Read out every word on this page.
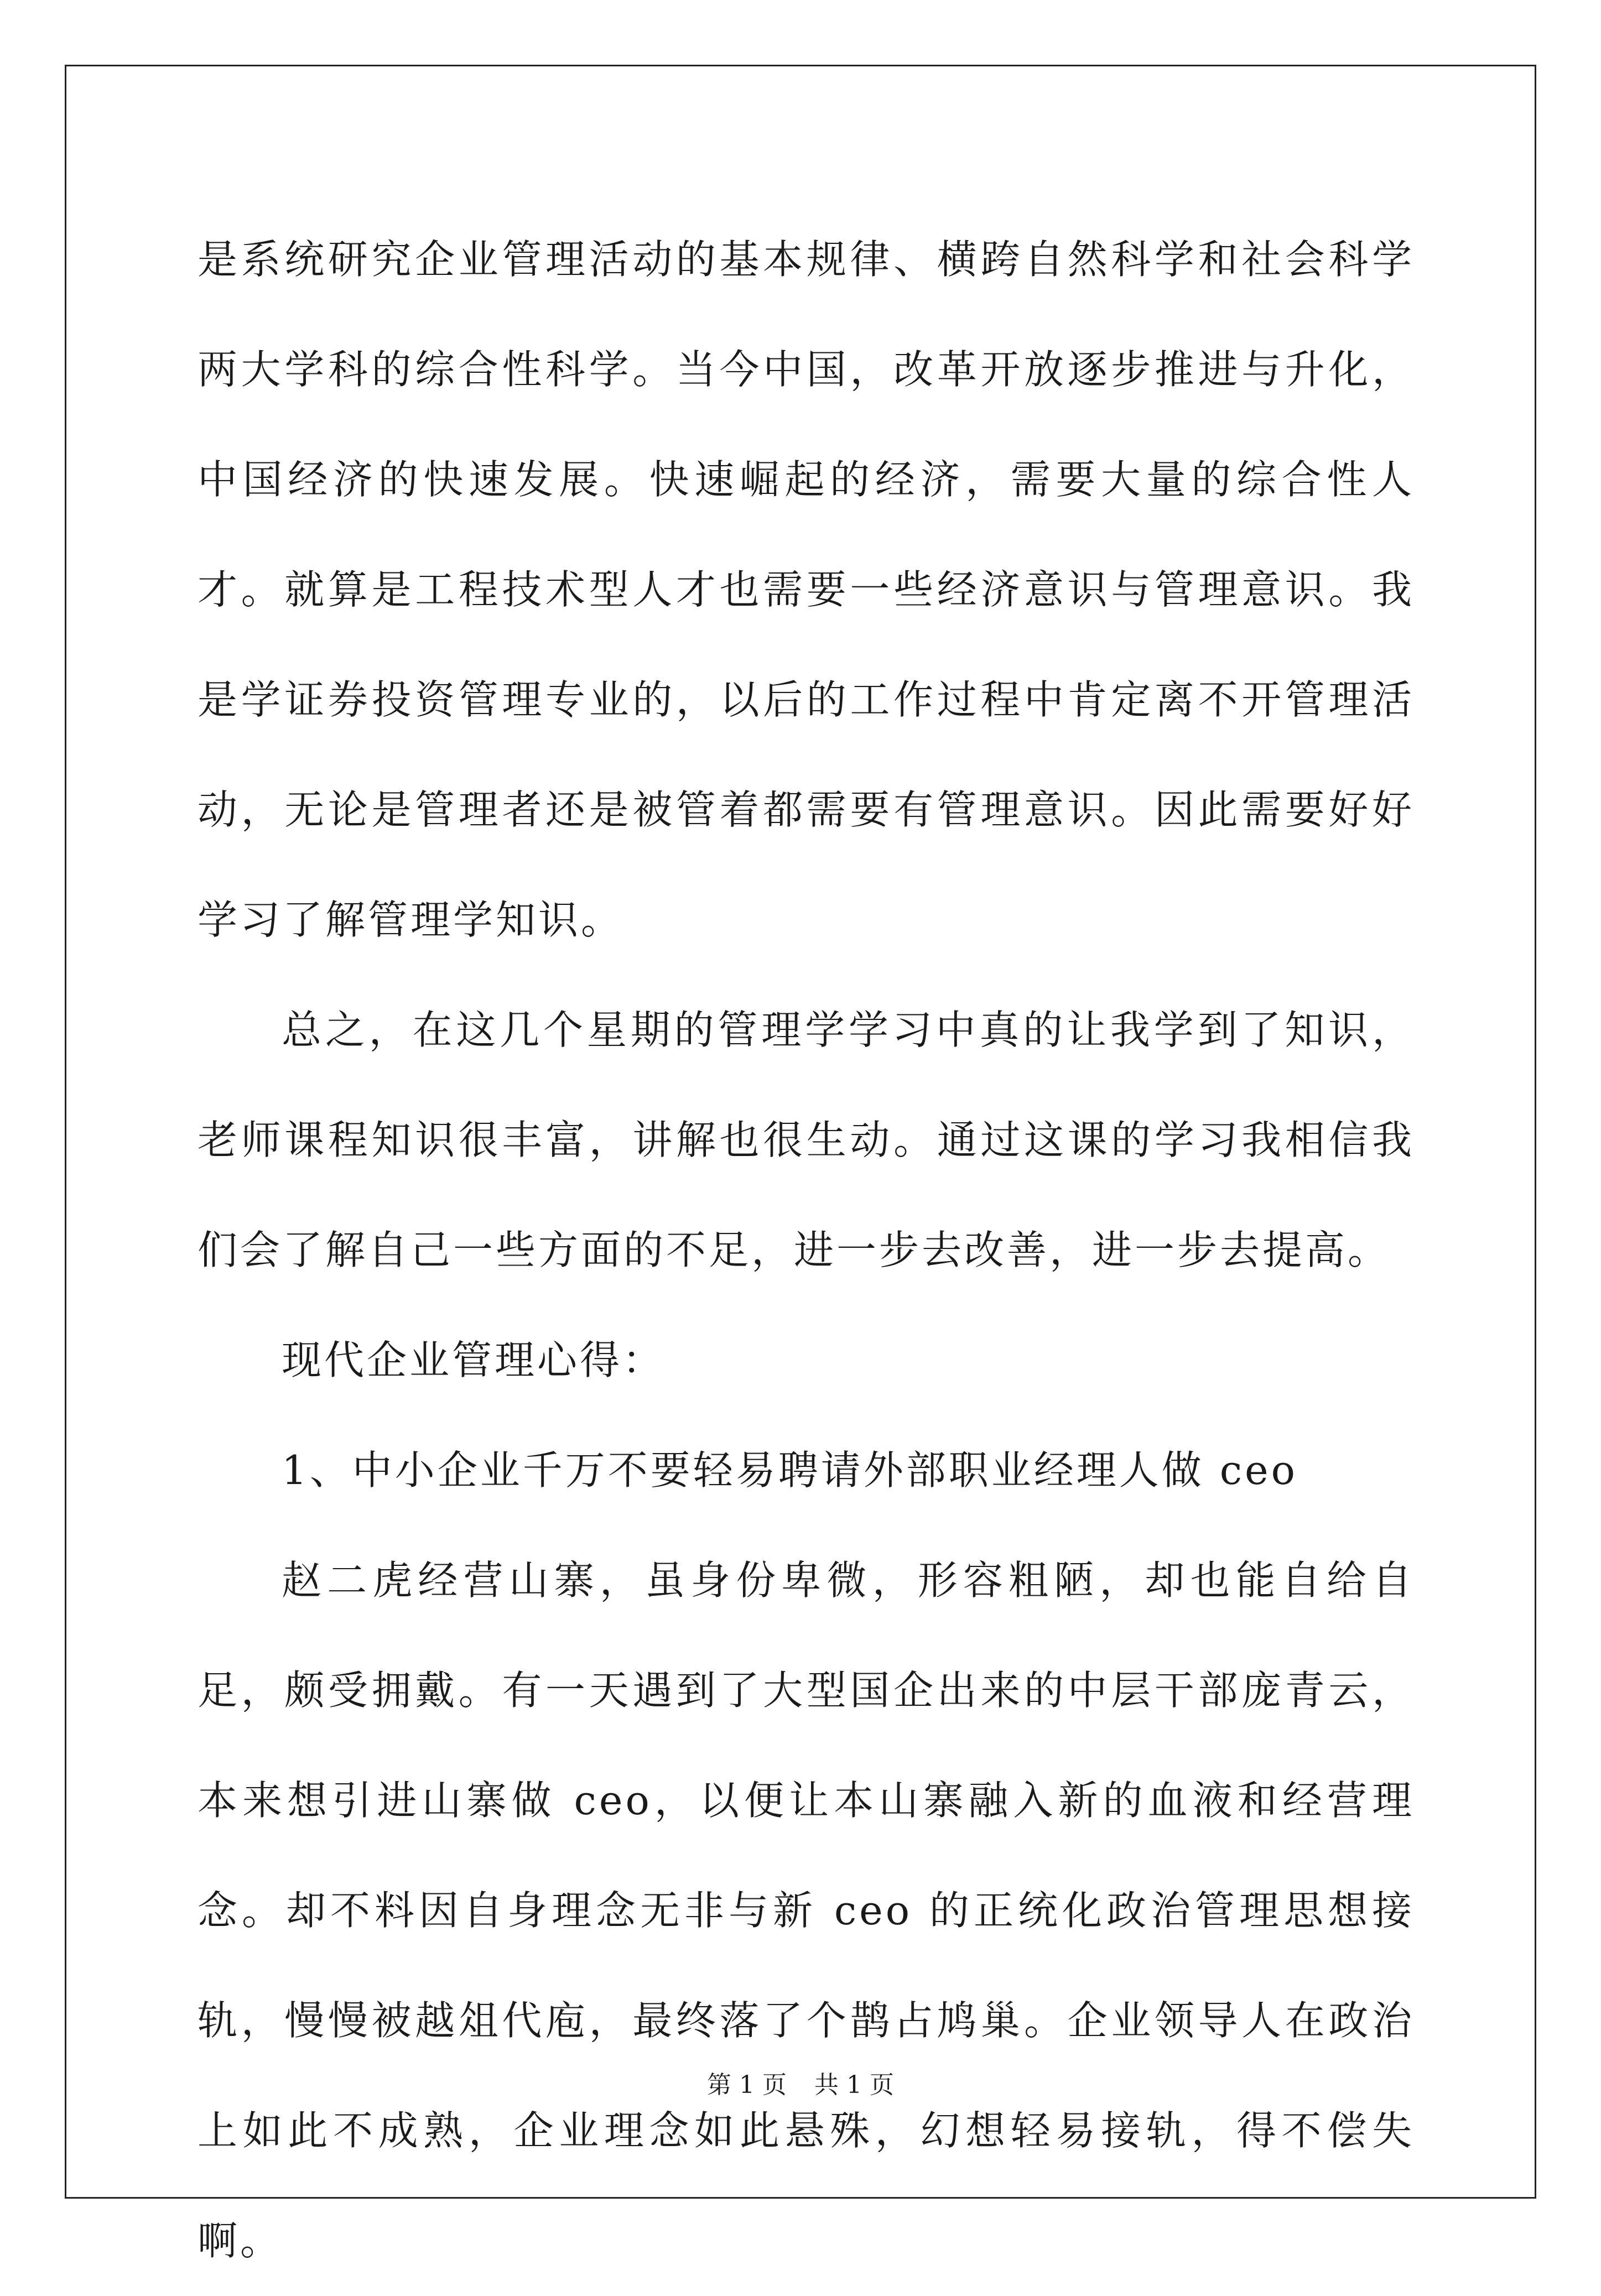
是系统研究企业管理活动的基本规律、横跨自然科学和社会科学两大学科的综合性科学。当今中国，改革开放逐步推进与升化，中国经济的快速发展。快速崛起的经济，需要大量的综合性人才。就算是工程技术型人才也需要一些经济意识与管理意识。我是学证券投资管理专业的，以后的工作过程中肯定离不开管理活动，无论是管理者还是被管着都需要有管理意识。因此需要好好学习了解管理学知识。

总之，在这几个星期的管理学学习中真的让我学到了知识，老师课程知识很丰富，讲解也很生动。通过这课的学习我相信我们会了解自己一些方面的不足，进一步去改善，进一步去提高。

现代企业管理心得：

1、中小企业千万不要轻易聘请外部职业经理人做 ceo

赵二虎经营山寨，虽身份卑微，形容粗陋，却也能自给自足，颇受拥戴。有一天遇到了大型国企出来的中层干部庞青云，本来想引进山寨做 ceo，以便让本山寨融入新的血液和经营理念。却不料因自身理念无非与新 ceo 的正统化政治管理思想接轨，慢慢被越俎代庖，最终落了个鹊占鸠巢。企业领导人在政治上如此不成熟，企业理念如此悬殊，幻想轻易接轨，得不偿失啊。

第 1 页 共 1 页
